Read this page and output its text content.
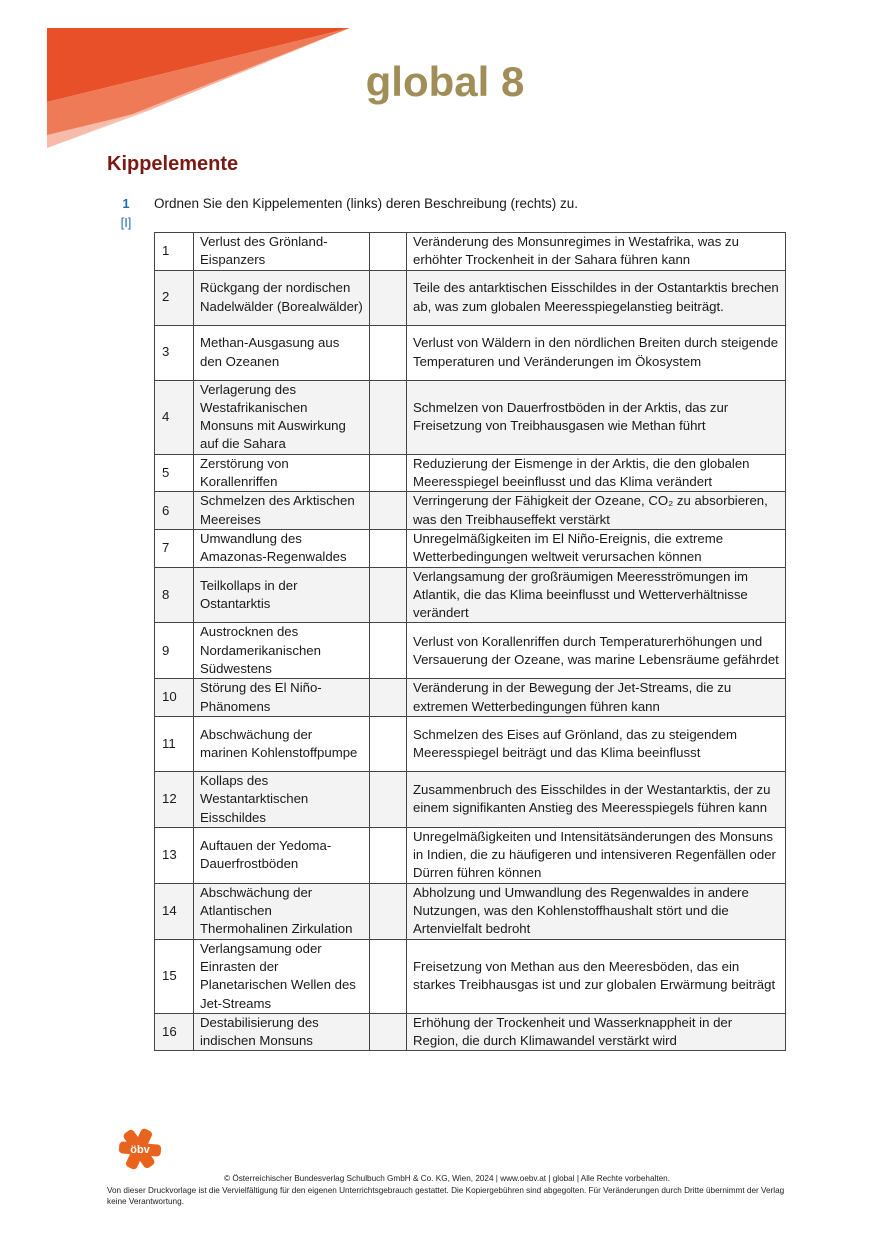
global 8
Kippelemente
1
[I]
Ordnen Sie den Kippelementen (links) deren Beschreibung (rechts) zu.
1	Verlust des Grönland-Eispanzers		Veränderung des Monsunregimes in Westafrika, was zu erhöhter Trockenheit in der Sahara führen kann
2	Rückgang der nordischen Nadelwälder (Borealwälder)		Teile des antarktischen Eisschildes in der Ostantarktis brechen ab, was zum globalen Meeresspiegelanstieg beiträgt.
3	Methan-Ausgasung aus den Ozeanen		Verlust von Wäldern in den nördlichen Breiten durch steigende Temperaturen und Veränderungen im Ökosystem
4	Verlagerung des Westafrikanischen Monsuns mit Auswirkung auf die Sahara		Schmelzen von Dauerfrostböden in der Arktis, das zur Freisetzung von Treibhausgasen wie Methan führt
5	Zerstörung von Korallenriffen		Reduzierung der Eismenge in der Arktis, die den globalen Meeresspiegel beeinflusst und das Klima verändert
6	Schmelzen des Arktischen Meereises		Verringerung der Fähigkeit der Ozeane, CO₂ zu absorbieren, was den Treibhauseffekt verstärkt
7	Umwandlung des Amazonas-Regenwaldes		Unregelmäßigkeiten im El Niño-Ereignis, die extreme Wetterbedingungen weltweit verursachen können
8	Teilkollaps in der Ostantarktis		Verlangsamung der großräumigen Meeresströmungen im Atlantik, die das Klima beeinflusst und Wetterverhältnisse verändert
9	Austrocknen des Nordamerikanischen Südwestens		Verlust von Korallenriffen durch Temperaturerhöhungen und Versauerung der Ozeane, was marine Lebensräume gefährdet
10	Störung des El Niño-Phänomens		Veränderung in der Bewegung der Jet-Streams, die zu extremen Wetterbedingungen führen kann
11	Abschwächung der marinen Kohlenstoffpumpe		Schmelzen des Eises auf Grönland, das zu steigendem Meeresspiegel beiträgt und das Klima beeinflusst
12	Kollaps des Westantarktischen Eisschildes		Zusammenbruch des Eisschildes in der Westantarktis, der zu einem signifikanten Anstieg des Meeresspiegels führen kann
13	Auftauen der Yedoma-Dauerfrostböden		Unregelmäßigkeiten und Intensitätsänderungen des Monsuns in Indien, die zu häufigeren und intensiveren Regenfällen oder Dürren führen können
14	Abschwächung der Atlantischen Thermohalinen Zirkulation		Abholzung und Umwandlung des Regenwaldes in andere Nutzungen, was den Kohlenstoffhaushalt stört und die Artenvielfalt bedroht
15	Verlangsamung oder Einrasten der Planetarischen Wellen des Jet-Streams		Freisetzung von Methan aus den Meeresböden, das ein starkes Treibhausgas ist und zur globalen Erwärmung beiträgt
16	Destabilisierung des indischen Monsuns		Erhöhung der Trockenheit und Wasserknappheit in der Region, die durch Klimawandel verstärkt wird
öbv
© Österreichischer Bundesverlag Schulbuch GmbH & Co. KG, Wien, 2024 | www.oebv.at | global | Alle Rechte vorbehalten.
Von dieser Druckvorlage ist die Vervielfältigung für den eigenen Unterrichtsgebrauch gestattet. Die Kopiergebühren sind abgegolten. Für Veränderungen durch Dritte übernimmt der Verlag keine Verantwortung.
